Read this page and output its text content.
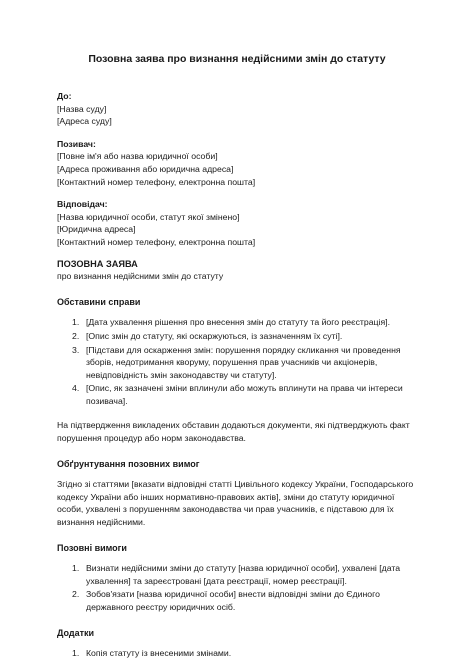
Позовна заява про визнання недійсними змін до статуту

До:

[Назва суду]

[Адреса суду]

Позивач:

[Повне ім'я або назва юридичної особи]

[Адреса проживання або юридична адреса]

[Контактний номер телефону, електронна пошта]

Відповідач:

[Назва юридичної особи, статут якої змінено]

[Юридична адреса]

[Контактний номер телефону, електронна пошта]

ПОЗОВНА ЗАЯВА

про визнання недійсними змін до статуту

Обставини справи

1. [Дата ухвалення рішення про внесення змін до статуту та його реєстрація].
2. [Опис змін до статуту, які оскаржуються, із зазначенням їх суті].
3. [Підстави для оскарження змін: порушення порядку скликання чи проведення зборів, недотримання кворуму, порушення прав учасників чи акціонерів, невідповідність змін законодавству чи статуту].
4. [Опис, як зазначені зміни вплинули або можуть вплинути на права чи інтереси позивача].

На підтвердження викладених обставин додаються документи, які підтверджують факт порушення процедур або норм законодавства.

Обґрунтування позовних вимог

Згідно зі статтями [вказати відповідні статті Цивільного кодексу України, Господарського кодексу України або інших нормативно-правових актів], зміни до статуту юридичної особи, ухвалені з порушенням законодавства чи прав учасників, є підставою для їх визнання недійсними.

Позовні вимоги

1. Визнати недійсними зміни до статуту [назва юридичної особи], ухвалені [дата ухвалення] та зареєстровані [дата реєстрації, номер реєстрації].
2. Зобов'язати [назва юридичної особи] внести відповідні зміни до Єдиного державного реєстру юридичних осіб.

Додатки

1. Копія статуту із внесеними змінами.
